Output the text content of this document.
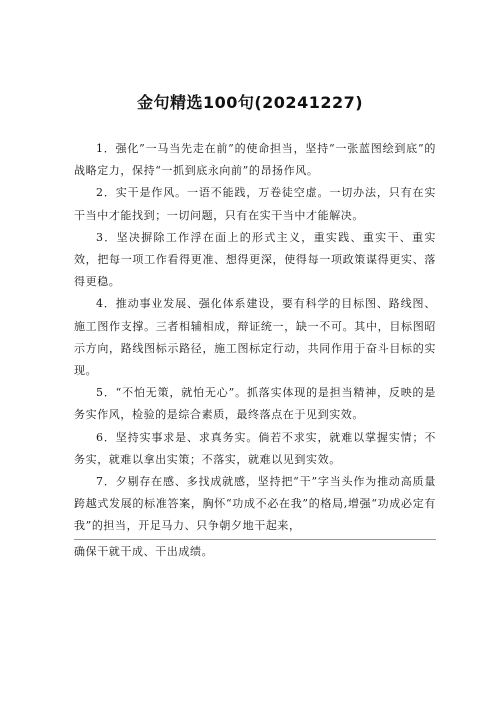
金句精选100句(20241227)

1．强化”一马当先走在前”的使命担当，坚持“一张蓝图绘到底”的战略定力，保持“一抓到底永向前”的昂扬作风。

2．实干是作风。一语不能践，万卷徒空虚。一切办法，只有在实干当中才能找到；一切问题，只有在实干当中才能解决。

3．坚决摒除工作浮在面上的形式主义，重实践、重实干、重实效，把每一项工作看得更准、想得更深，使得每一项政策谋得更实、落得更稳。

4．推动事业发展、强化体系建设，要有科学的目标图、路线图、施工图作支撑。三者相辅相成，辩证统一，缺一不可。其中，目标图昭示方向，路线图标示路径，施工图标定行动，共同作用于奋斗目标的实现。

5．“不怕无策，就怕无心”。抓落实体现的是担当精神，反映的是务实作风，检验的是综合素质，最终落点在于见到实效。

6．坚持实事求是、求真务实。倘若不求实，就难以掌握实情；不务实，就难以拿出实策；不落实，就难以见到实效。

7．夕剔存在感、多找成就感，坚持把“干”字当头作为推动高质量跨越式发展的标准答案，胸怀“功成不必在我”的格局,增强“功成必定有我”的担当，开足马力、只争朝夕地干起来，

确保干就干成、干出成绩。
